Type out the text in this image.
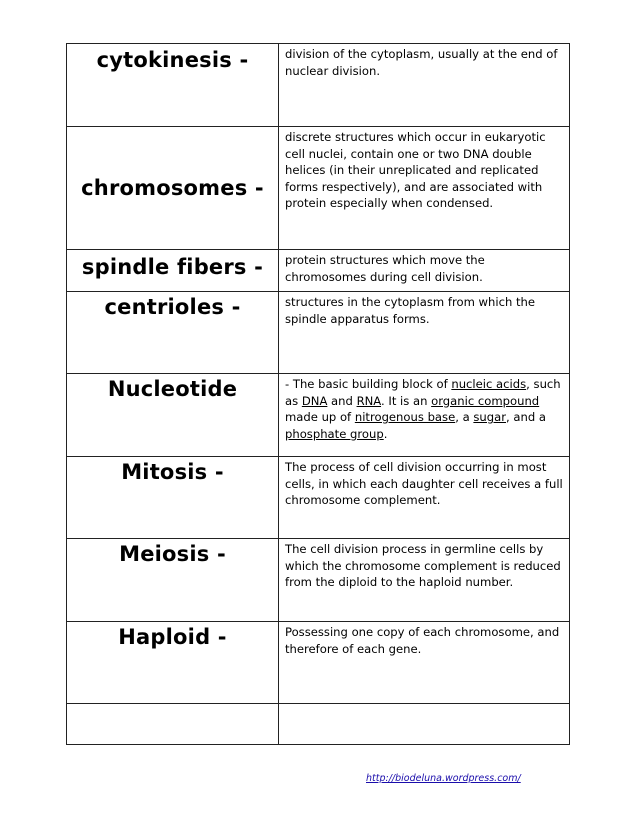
cytokinesis -	division of the cytoplasm, usually at the end of nuclear division.

chromosomes -	discrete structures which occur in eukaryotic cell nuclei, contain one or two DNA double helices (in their unreplicated and replicated forms respectively), and are associated with protein especially when condensed.

spindle fibers -	protein structures which move the chromosomes during cell division.

centrioles -	structures in the cytoplasm from which the spindle apparatus forms.

Nucleotide	- The basic building block of nucleic acids, such as DNA and RNA. It is an organic compound made up of nitrogenous base, a sugar, and a phosphate group.

Mitosis -	The process of cell division occurring in most cells, in which each daughter cell receives a full chromosome complement.

Meiosis -	The cell division process in germline cells by which the chromosome complement is reduced from the diploid to the haploid number.

Haploid -	Possessing one copy of each chromosome, and therefore of each gene.

http://biodeluna.wordpress.com/
